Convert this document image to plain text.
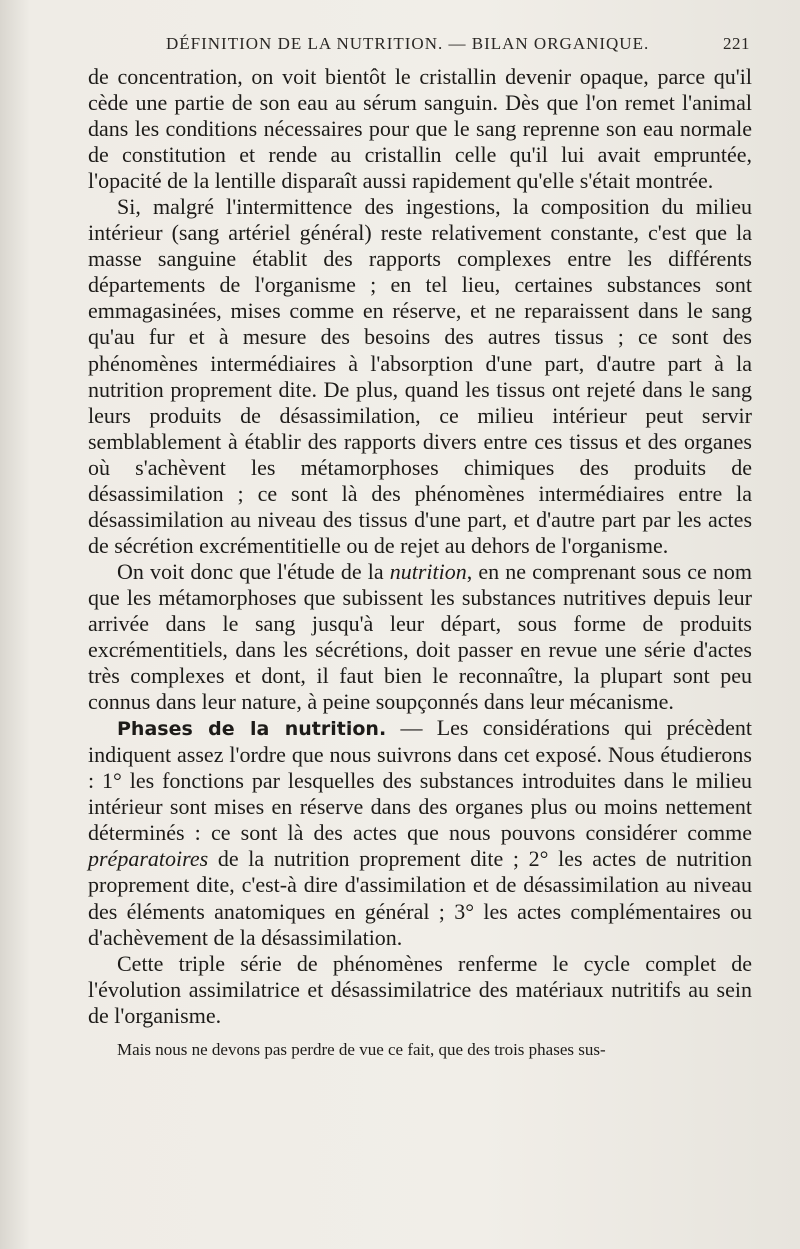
DÉFINITION DE LA NUTRITION. — BILAN ORGANIQUE.	221

de concentration, on voit bientôt le cristallin devenir opaque, parce qu'il cède une partie de son eau au sérum sanguin. Dès que l'on remet l'animal dans les conditions nécessaires pour que le sang reprenne son eau normale de constitution et rende au cristallin celle qu'il lui avait empruntée, l'opacité de la lentille disparaît aussi rapidement qu'elle s'était montrée.

Si, malgré l'intermittence des ingestions, la composition du milieu intérieur (sang artériel général) reste relativement constante, c'est que la masse sanguine établit des rapports complexes entre les différents départements de l'organisme ; en tel lieu, certaines substances sont emmagasinées, mises comme en réserve, et ne reparaissent dans le sang qu'au fur et à mesure des besoins des autres tissus ; ce sont des phénomènes intermédiaires à l'absorption d'une part, d'autre part à la nutrition proprement dite. De plus, quand les tissus ont rejeté dans le sang leurs produits de désassimilation, ce milieu intérieur peut servir semblablement à établir des rapports divers entre ces tissus et des organes où s'achèvent les métamorphoses chimiques des produits de désassimilation ; ce sont là des phénomènes intermédiaires entre la désassimilation au niveau des tissus d'une part, et d'autre part par les actes de sécrétion excrémentitielle ou de rejet au dehors de l'organisme.

On voit donc que l'étude de la nutrition, en ne comprenant sous ce nom que les métamorphoses que subissent les substances nutritives depuis leur arrivée dans le sang jusqu'à leur départ, sous forme de produits excrémentitiels, dans les sécrétions, doit passer en revue une série d'actes très complexes et dont, il faut bien le reconnaître, la plupart sont peu connus dans leur nature, à peine soupçonnés dans leur mécanisme.

Phases de la nutrition. — Les considérations qui précèdent indiquent assez l'ordre que nous suivrons dans cet exposé. Nous étudierons : 1° les fonctions par lesquelles des substances introduites dans le milieu intérieur sont mises en réserve dans des organes plus ou moins nettement déterminés : ce sont là des actes que nous pouvons considérer comme préparatoires de la nutrition proprement dite ; 2° les actes de nutrition proprement dite, c'est-à dire d'assimilation et de désassimilation au niveau des éléments anatomiques en général ; 3° les actes complémentaires ou d'achèvement de la désassimilation.

Cette triple série de phénomènes renferme le cycle complet de l'évolution assimilatrice et désassimilatrice des matériaux nutritifs au sein de l'organisme.

Mais nous ne devons pas perdre de vue ce fait, que des trois phases sus-
